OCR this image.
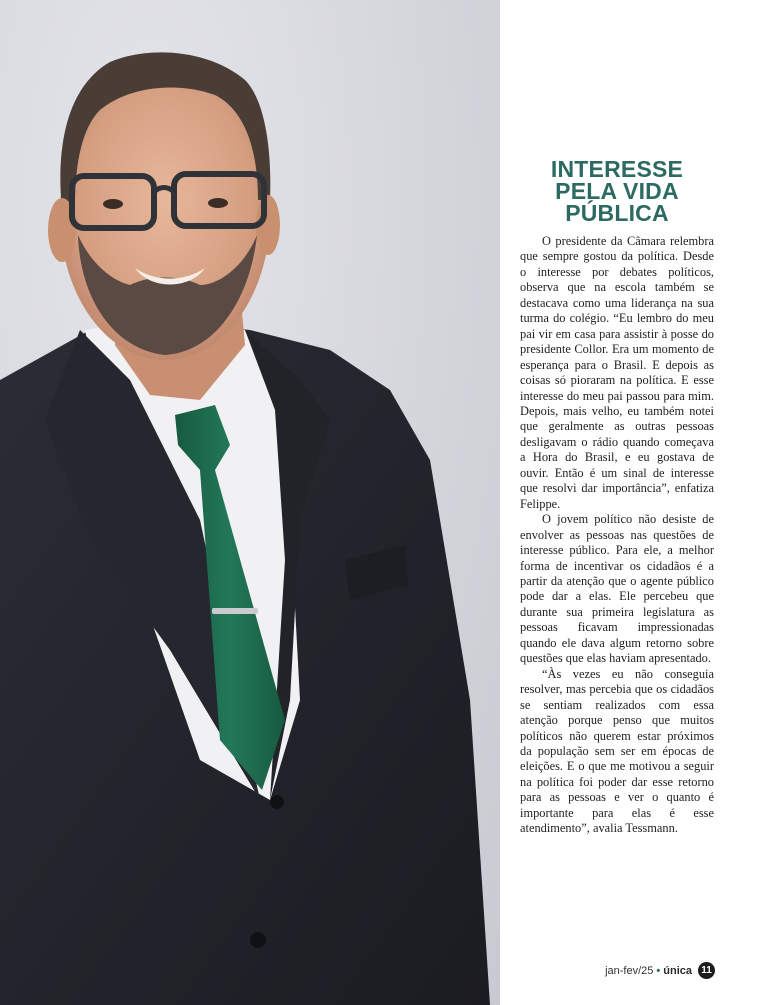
INTERESSE
PELA VIDA
PÚBLICA

O presidente da Câmara relembra que sempre gostou da política. Desde o interesse por debates políticos, observa que na escola também se destacava como uma liderança na sua turma do colégio. “Eu lembro do meu pai vir em casa para assistir à posse do presidente Collor. Era um momento de esperança para o Brasil. E depois as coisas só pioraram na política. E esse interesse do meu pai passou para mim. Depois, mais velho, eu também notei que geralmente as outras pessoas desligavam o rádio quando começava a Hora do Brasil, e eu gostava de ouvir. Então é um sinal de interesse que resolvi dar importância”, enfatiza Felippe.

O jovem político não desiste de envolver as pessoas nas questões de interesse público. Para ele, a melhor forma de incentivar os cidadãos é a partir da atenção que o agente público pode dar a elas. Ele percebeu que durante sua primeira legislatura as pessoas ficavam impressionadas quando ele dava algum retorno sobre questões que elas haviam apresentado.

“Às vezes eu não conseguia resolver, mas percebia que os cidadãos se sentiam realizados com essa atenção porque penso que muitos políticos não querem estar próximos da população sem ser em épocas de eleições. E o que me motivou a seguir na política foi poder dar esse retorno para as pessoas e ver o quanto é importante para elas é esse atendimento”, avalia Tessmann.

jan-fev/25 • única 11
